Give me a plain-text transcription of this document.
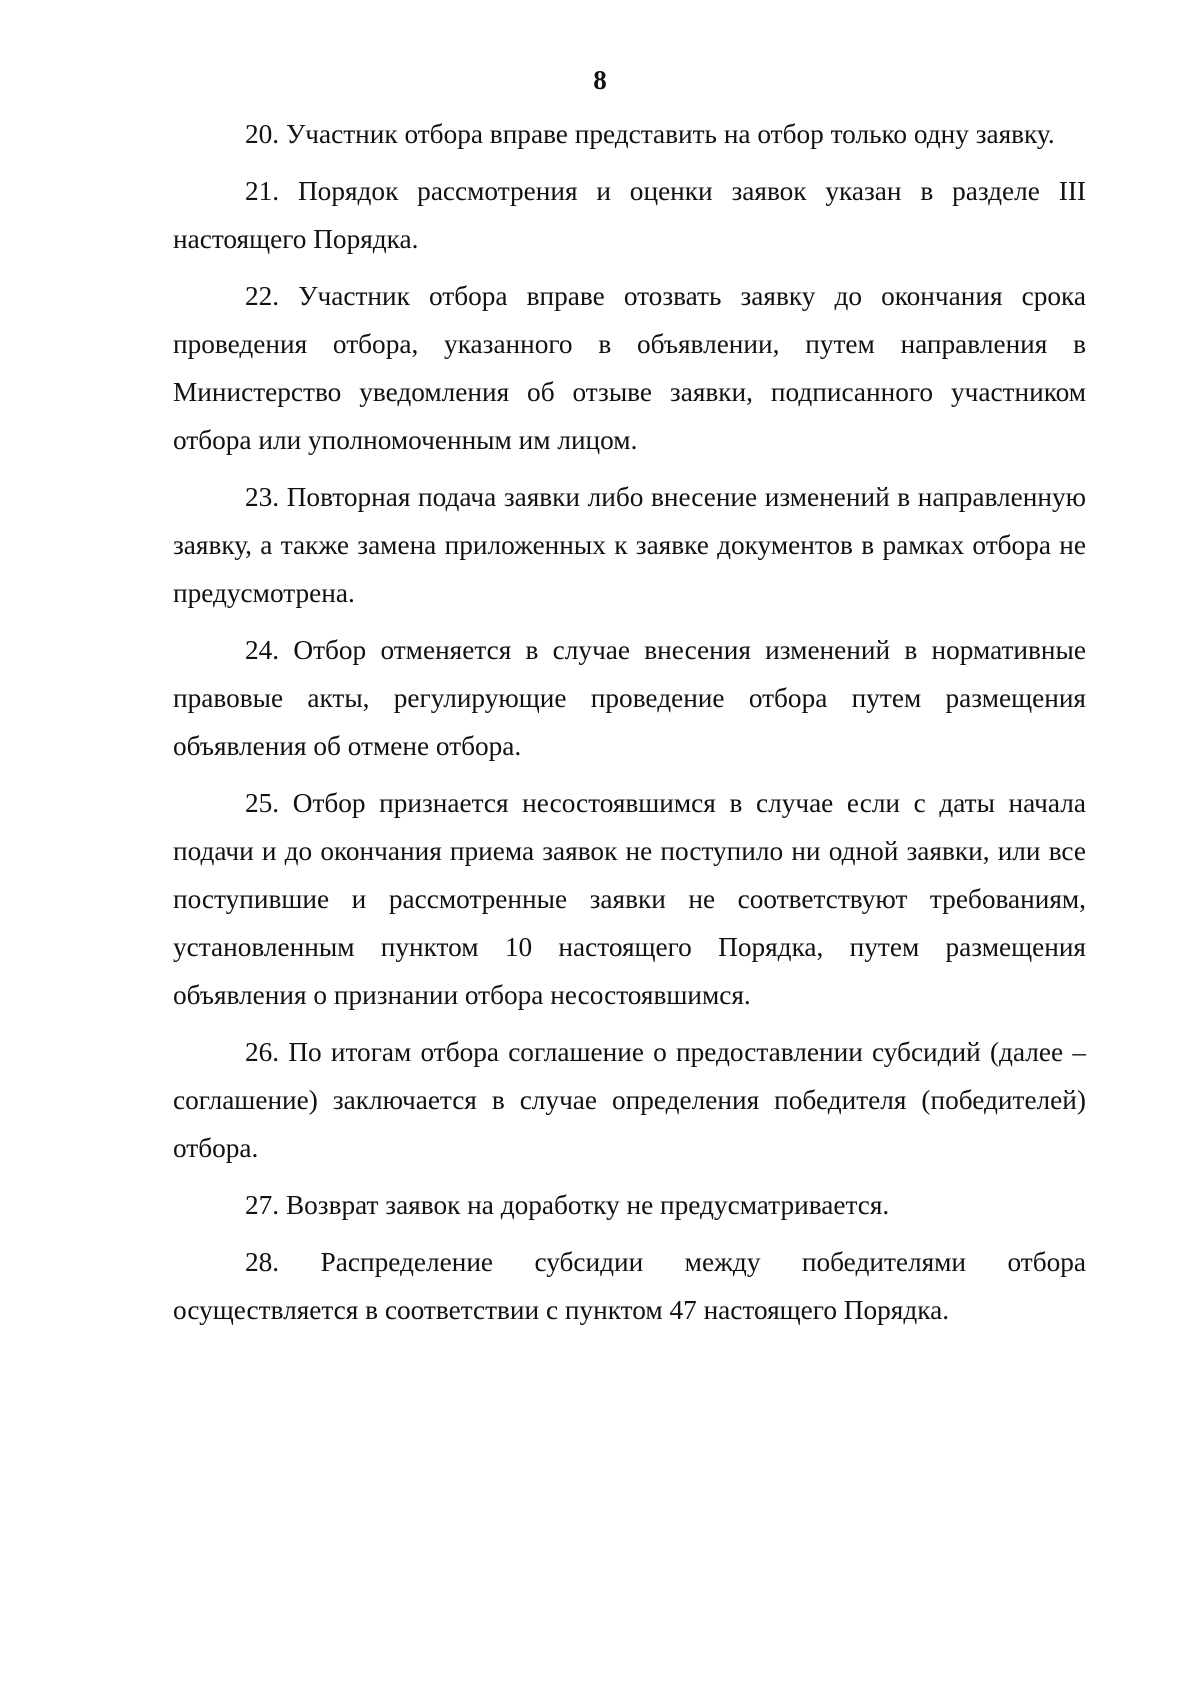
8

20. Участник отбора вправе представить на отбор только одну заявку.

21. Порядок рассмотрения и оценки заявок указан в разделе III настоящего Порядка.

22. Участник отбора вправе отозвать заявку до окончания срока проведения отбора, указанного в объявлении, путем направления в Министерство уведомления об отзыве заявки, подписанного участником отбора или уполномоченным им лицом.

23. Повторная подача заявки либо внесение изменений в направленную заявку, а также замена приложенных к заявке документов в рамках отбора не предусмотрена.

24. Отбор отменяется в случае внесения изменений в нормативные правовые акты, регулирующие проведение отбора путем размещения объявления об отмене отбора.

25. Отбор признается несостоявшимся в случае если с даты начала подачи и до окончания приема заявок не поступило ни одной заявки, или все поступившие и рассмотренные заявки не соответствуют требованиям, установленным пунктом 10 настоящего Порядка, путем размещения объявления о признании отбора несостоявшимся.

26. По итогам отбора соглашение о предоставлении субсидий (далее – соглашение) заключается в случае определения победителя (победителей) отбора.

27. Возврат заявок на доработку не предусматривается.

28. Распределение субсидии между победителями отбора осуществляется в соответствии с пунктом 47 настоящего Порядка.
